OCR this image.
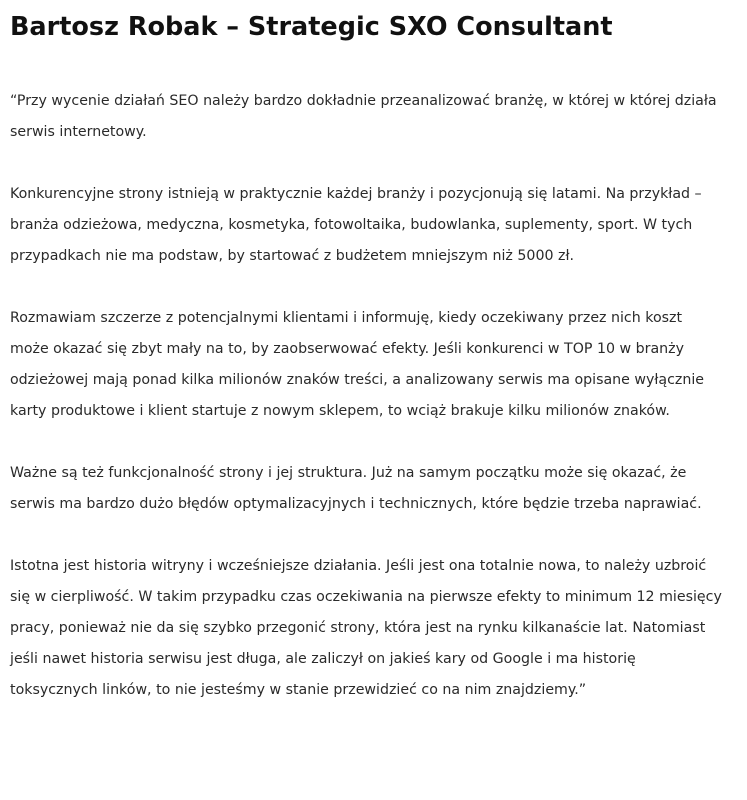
Bartosz Robak – Strategic SXO Consultant

“Przy wycenie działań SEO należy bardzo dokładnie przeanalizować branżę, w której w której działa serwis internetowy.

Konkurencyjne strony istnieją w praktycznie każdej branży i pozycjonują się latami. Na przykład – branża odzieżowa, medyczna, kosmetyka, fotowoltaika, budowlanka, suplementy, sport. W tych przypadkach nie ma podstaw, by startować z budżetem mniejszym niż 5000 zł.

Rozmawiam szczerze z potencjalnymi klientami i informuję, kiedy oczekiwany przez nich koszt może okazać się zbyt mały na to, by zaobserwować efekty. Jeśli konkurenci w TOP 10 w branży odzieżowej mają ponad kilka milionów znaków treści, a analizowany serwis ma opisane wyłącznie karty produktowe i klient startuje z nowym sklepem, to wciąż brakuje kilku milionów znaków.

Ważne są też funkcjonalność strony i jej struktura. Już na samym początku może się okazać, że serwis ma bardzo dużo błędów optymalizacyjnych i technicznych, które będzie trzeba naprawiać.

Istotna jest historia witryny i wcześniejsze działania. Jeśli jest ona totalnie nowa, to należy uzbroić się w cierpliwość. W takim przypadku czas oczekiwania na pierwsze efekty to minimum 12 miesięcy pracy, ponieważ nie da się szybko przegonić strony, która jest na rynku kilkanaście lat. Natomiast jeśli nawet historia serwisu jest długa, ale zaliczył on jakieś kary od Google i ma historię toksycznych linków, to nie jesteśmy w stanie przewidzieć co na nim znajdziemy.”
